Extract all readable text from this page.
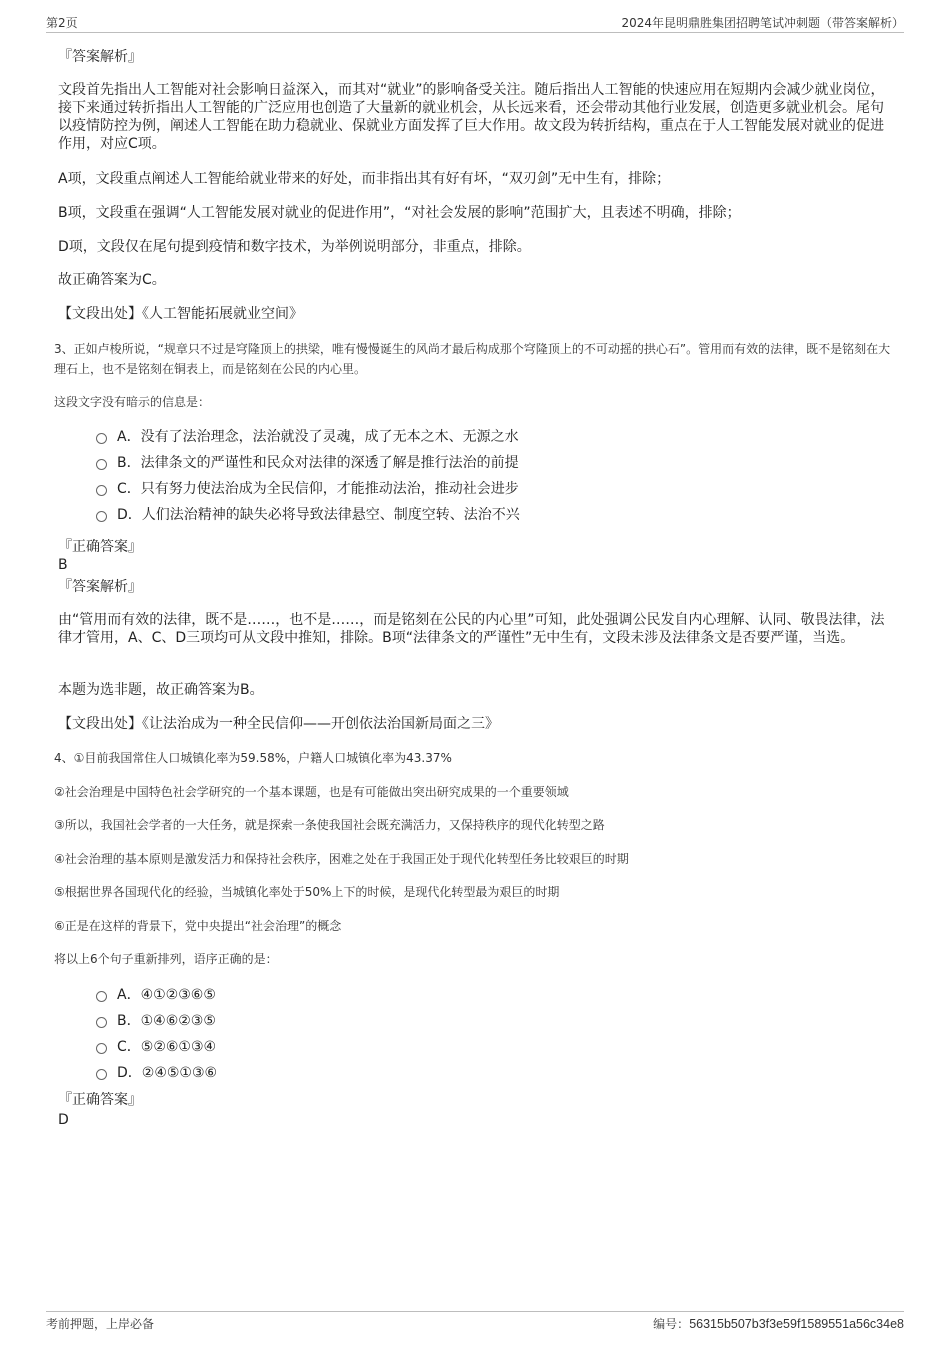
第2页	2024年昆明鼎胜集团招聘笔试冲刺题（带答案解析）
『答案解析』
文段首先指出人工智能对社会影响日益深入，而其对“就业”的影响备受关注。随后指出人工智能的快速应用在短期内会减少就业岗位，接下来通过转折指出人工智能的广泛应用也创造了大量新的就业机会，从长远来看，还会带动其他行业发展，创造更多就业机会。尾句以疫情防控为例，阐述人工智能在助力稳就业、保就业方面发挥了巨大作用。故文段为转折结构，重点在于人工智能发展对就业的促进作用，对应C项。
A项，文段重点阐述人工智能给就业带来的好处，而非指出其有好有坏，“双刃剑”无中生有，排除；
B项，文段重在强调“人工智能发展对就业的促进作用”，“对社会发展的影响”范围扩大，且表述不明确，排除；
D项，文段仅在尾句提到疫情和数字技术，为举例说明部分，非重点，排除。
故正确答案为C。
【文段出处】《人工智能拓展就业空间》
3、正如卢梭所说，“规章只不过是穹隆顶上的拱梁，唯有慢慢诞生的风尚才最后构成那个穹隆顶上的不可动摇的拱心石”。管用而有效的法律，既不是铭刻在大理石上，也不是铭刻在铜表上，而是铭刻在公民的内心里。
这段文字没有暗示的信息是：
A．没有了法治理念，法治就没了灵魂，成了无本之木、无源之水
B．法律条文的严谨性和民众对法律的深透了解是推行法治的前提
C．只有努力使法治成为全民信仰，才能推动法治，推动社会进步
D．人们法治精神的缺失必将导致法律悬空、制度空转、法治不兴
『正确答案』
B
『答案解析』
由“管用而有效的法律，既不是……，也不是……，而是铭刻在公民的内心里”可知，此处强调公民发自内心理解、认同、敬畏法律，法律才管用，A、C、D三项均可从文段中推知，排除。B项“法律条文的严谨性”无中生有，文段未涉及法律条文是否要严谨，当选。
本题为选非题，故正确答案为B。
【文段出处】《让法治成为一种全民信仰——开创依法治国新局面之三》
4、①目前我国常住人口城镇化率为59.58%，户籍人口城镇化率为43.37%
②社会治理是中国特色社会学研究的一个基本课题，也是有可能做出突出研究成果的一个重要领域
③所以，我国社会学者的一大任务，就是探索一条使我国社会既充满活力，又保持秩序的现代化转型之路
④社会治理的基本原则是激发活力和保持社会秩序，困难之处在于我国正处于现代化转型任务比较艰巨的时期
⑤根据世界各国现代化的经验，当城镇化率处于50%上下的时候，是现代化转型最为艰巨的时期
⑥正是在这样的背景下，党中央提出“社会治理”的概念
将以上6个句子重新排列，语序正确的是：
A．④①②③⑥⑤
B．①④⑥②③⑤
C．⑤②⑥①③④
D．②④⑤①③⑥
『正确答案』
D
考前押题，上岸必备	编号：56315b507b3f3e59f1589551a56c34e8
